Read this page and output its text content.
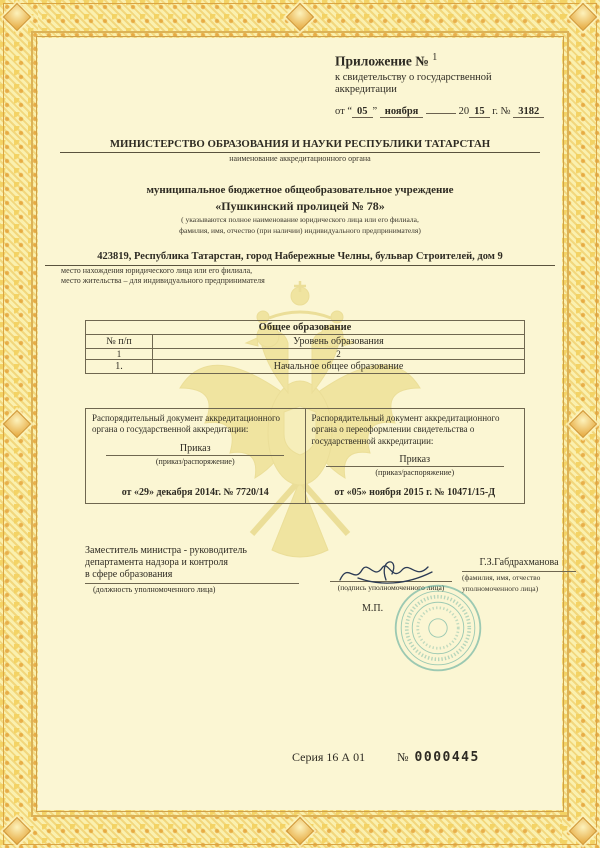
Приложение № $^1$
к свидетельству о государственной
аккредитации
от “ 05 ” ноября	20 15 г. № 3182
МИНИСТЕРСТВО ОБРАЗОВАНИЯ И НАУКИ РЕСПУБЛИКИ ТАТАРСТАН
наименование аккредитационного органа
муниципальное бюджетное общеобразовательное учреждение
«Пушкинский пролицей № 78»
( указываются полное наименование юридического лица или его филиала,
фамилия, имя, отчество (при наличии) индивидуального предпринимателя)
423819, Республика Татарстан, город Набережные Челны, бульвар Строителей, дом 9
место нахождения юридического лица или его филиала,
место жительства – для индивидуального предпринимателя
Общее образование	
№ п/п	Уровень образования
1	2
1.	Начальное общее образование
Распорядительный документ аккредитационного органа о государственной аккредитации:
Приказ
(приказ/распоряжение)
от «29» декабря 2014г. № 7720/14

Распорядительный документ аккредитационного органа о переоформлении свидетельства о государственной аккредитации:
Приказ
(приказ/распоряжение)
от «05» ноября 2015 г. № 10471/15-Д
Заместитель министра - руководитель
департамента надзора и контроля
в сфере образования
(должность уполномоченного лица)	(подпись уполномоченного лица)
М.П.
Г.З.Габдрахманова
(фамилия, имя, отчество
уполномоченного лица)
Серия 16 А 01	№ 0000445
